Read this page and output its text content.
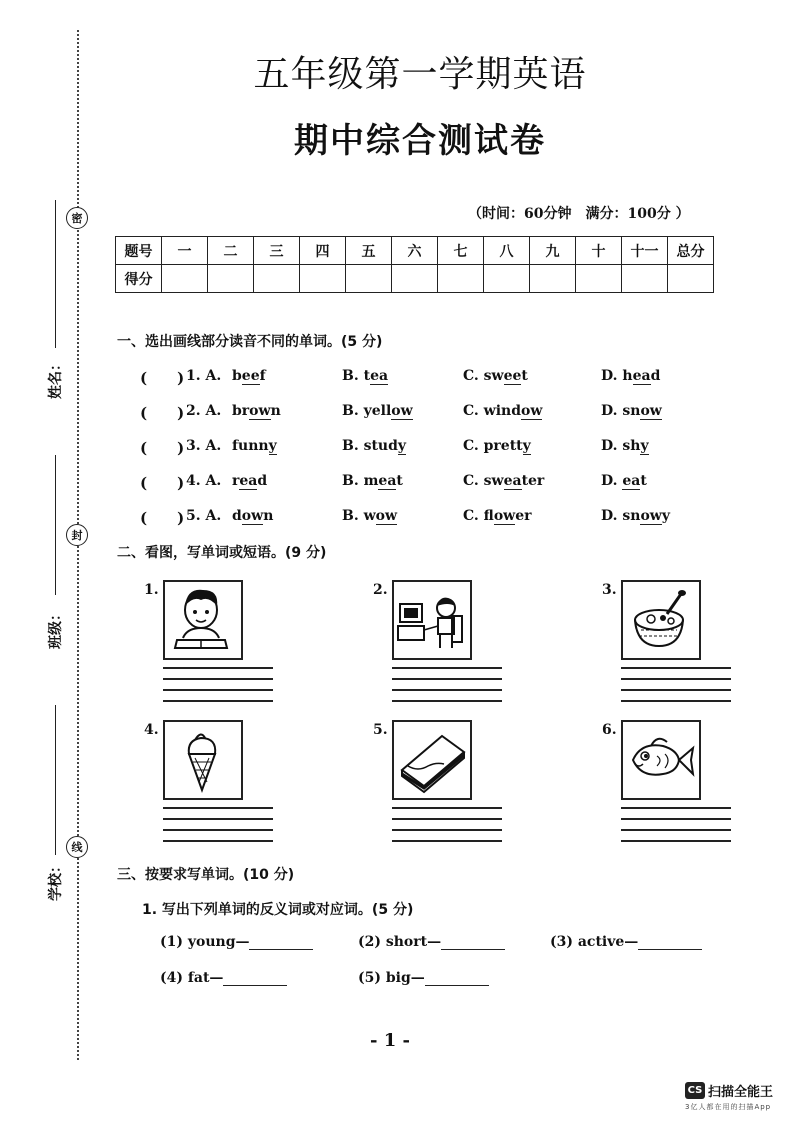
姓名：
班级：
学校：
密
封
线
五年级第一学期英语
期中综合测试卷
（时间：60分钟　满分：100分 ）
题号	一	二	三	四	五	六	七	八	九	十	十一	总分
得分												
一、选出画线部分读音不同的单词。(5 分)
(　　) 1. A. beef	B. tea	C. sweet	D. head
(　　) 2. A. brown	B. yellow	C. window	D. snow
(　　) 3. A. funny	B. study	C. pretty	D. shy
(　　) 4. A. read	B. meat	C. sweater	D. eat
(　　) 5. A. down	B. wow	C. flower	D. snowy
二、看图，写单词或短语。(9 分)
1.	2.	3.
4.	5.	6.
三、按要求写单词。(10 分)
1. 写出下列单词的反义词或对应词。(5 分)
(1) young—	(2) short—	(3) active—
(4) fat—	(5) big—
- 1 -
CS 扫描全能王
3亿人都在用的扫描App
